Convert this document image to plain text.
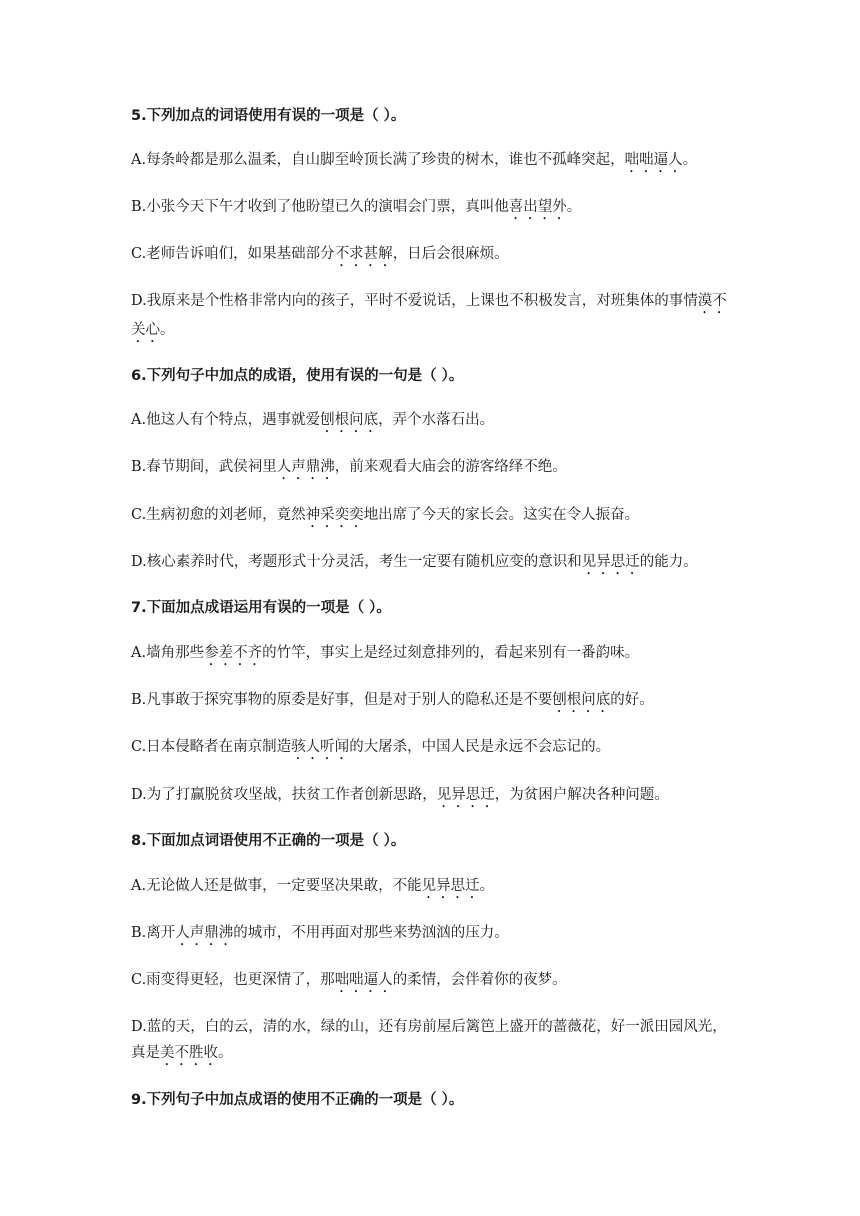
5.下列加点的词语使用有误的一项是（ ）。
A.每条岭都是那么温柔，自山脚至岭顶长满了珍贵的树木，谁也不孤峰突起，咄咄逼人。
B.小张今天下午才收到了他盼望已久的演唱会门票，真叫他喜出望外。
C.老师告诉咱们，如果基础部分不求甚解，日后会很麻烦。
D.我原来是个性格非常内向的孩子，平时不爱说话，上课也不积极发言，对班集体的事情漠不关心。
6.下列句子中加点的成语，使用有误的一句是（ ）。
A.他这人有个特点，遇事就爱刨根问底，弄个水落石出。
B.春节期间，武侯祠里人声鼎沸，前来观看大庙会的游客络绎不绝。
C.生病初愈的刘老师，竟然神采奕奕地出席了今天的家长会。这实在令人振奋。
D.核心素养时代，考题形式十分灵活，考生一定要有随机应变的意识和见异思迁的能力。
7.下面加点成语运用有误的一项是（ ）。
A.墙角那些参差不齐的竹竿，事实上是经过刻意排列的，看起来别有一番韵味。
B.凡事敢于探究事物的原委是好事，但是对于别人的隐私还是不要刨根问底的好。
C.日本侵略者在南京制造骇人听闻的大屠杀，中国人民是永远不会忘记的。
D.为了打赢脱贫攻坚战，扶贫工作者创新思路，见异思迁，为贫困户解决各种问题。
8.下面加点词语使用不正确的一项是（ ）。
A.无论做人还是做事，一定要坚决果敢，不能见异思迁。
B.离开人声鼎沸的城市，不用再面对那些来势汹汹的压力。
C.雨变得更轻，也更深情了，那咄咄逼人的柔情，会伴着你的夜梦。
D.蓝的天，白的云，清的水，绿的山，还有房前屋后篱笆上盛开的蔷薇花，好一派田园风光，真是美不胜收。
9.下列句子中加点成语的使用不正确的一项是（ ）。
